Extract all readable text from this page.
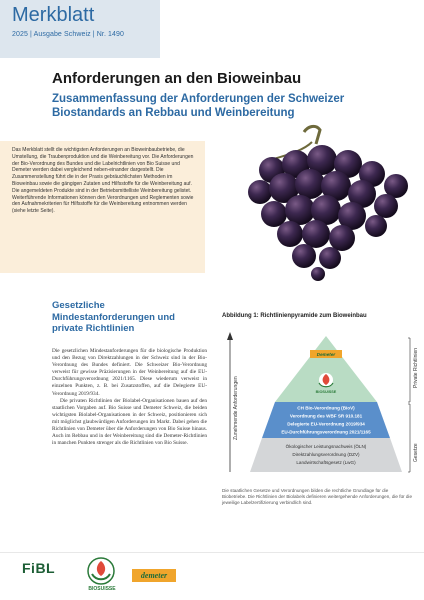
Merkblatt
2025 | Ausgabe Schweiz | Nr. 1490
Anforderungen an den Bioweinbau
Zusammenfassung der Anforderungen der Schweizer Biostandards an Rebbau und Weinbereitung

Das Merkblatt stellt die wichtigsten Anforderungen an Bioweinbaubetriebe, die Umstellung, die Traubenproduktion und die Weinbereitung vor. Die Anforderungen der Bio-Verordnung des Bundes und die Labelrichtlinien von Bio Suisse und Demeter werden dabei vergleichend neben-einander dargestellt. Die Zusammenstellung führt die in der Praxis gebräuchlichsten Methoden im Bioweinbau sowie die gängigen Zutaten und Hilfsstoffe für die Weinbereitung auf. Die angemeldeten Produkte sind in der Betriebsmittelliste Weinbereitung gelistet. Weiterführende Informationen können den Verordnungen und Reglementen sowie den Aufnahmekriterien für Hilfsstoffe für die Weinbereitung entnommen werden (siehe letzte Seite).

Gesetzliche Mindestanforderungen und private Richtlinien

Die gesetzlichen Mindestanforderungen für die biologische Produktion und den Bezug von Direktzahlungen in der Schweiz sind in der Bio-Verordnung des Bundes definiert. Die Schweizer Bio-Verordnung verweist für gewisse Präzisierungen in der Weinbereitung auf die EU-Durchführungsverordnung 2021/1165. Diese wiederum verweist in einzelnen Punkten, z. B. bei Zusatzstoffen, auf die Delegierte EU-Verordnung 2019/934.

Die privaten Richtlinien der Biolabel-Organisationen bauen auf den staatlichen Vorgaben auf. Bio Suisse und Demeter Schweiz, die beiden wichtigsten Biolabel-Organisationen in der Schweiz, positionieren sich mit möglichst glaubwürdigen Anforderungen im Markt. Dabei gehen die Richtlinien von Demeter über die Anforderungen von Bio Suisse hinaus. Auch im Rebbau und in der Weinbereitung sind die Demeter-Richtlinien in manchen Punkten strenger als die Richtlinien von Bio Suisse.

Abbildung 1: Richtlinienpyramide zum Bioweinbau
Zunehmende Anforderungen
Demeter
BIOSUISSE
CH Bio-Verordnung (BioV)
Verordnung des WBF SR 910.181
Delegierte EU-Verordnung 2019/934
EU-Durchführungsverordnung 2021/1165
Ökologischer Leistungsnachweis (ÖLN)
Direktzahlungsverordnung (DZV)
Landwirtschaftsgesetz (LwG)
Private Richtlinien
Gesetze

Die staatlichen Gesetze und Verordnungen bilden die rechtliche Grundlage für die Biobetriebe. Die Richtlinien der Biolabels definieren weitergehende Anforderungen, die für die jeweilige Labelzertifizierung verbindlich sind.

FiBL
BIOSUISSE
demeter
